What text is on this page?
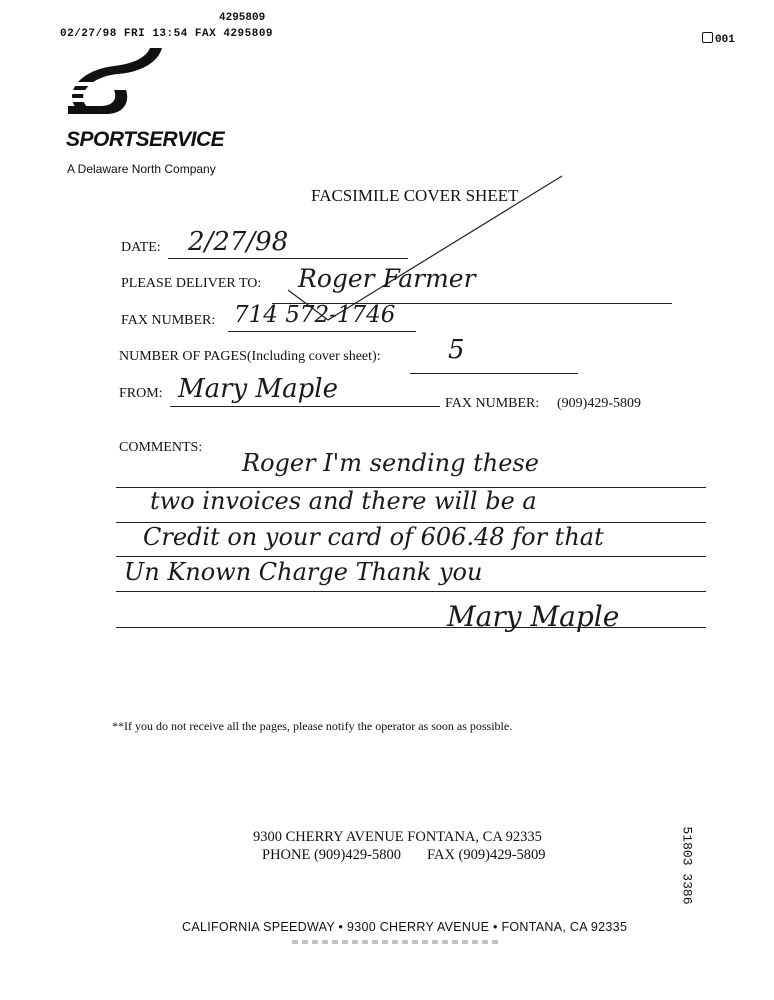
4295809
02/27/98 FRI 13:54 FAX 4295809	001
SPORTSERVICE
A Delaware North Company
FACSIMILE COVER SHEET
DATE: 2/27/98
PLEASE DELIVER TO: Roger Farmer
FAX NUMBER: 714 572-1746
NUMBER OF PAGES(Including cover sheet):	5
FROM: Mary Maple	FAX NUMBER: (909)429-5809
COMMENTS:
Roger I'm sending these
two invoices and there will be a
Credit on your card of 606.48 for that
Un Known Charge Thank you
Mary Maple
**If you do not receive all the pages, please notify the operator as soon as possible.
9300 CHERRY AVENUE FONTANA, CA 92335
PHONE (909)429-5800 FAX (909)429-5809	51803 3386
CALIFORNIA SPEEDWAY • 9300 CHERRY AVENUE • FONTANA, CA 92335
